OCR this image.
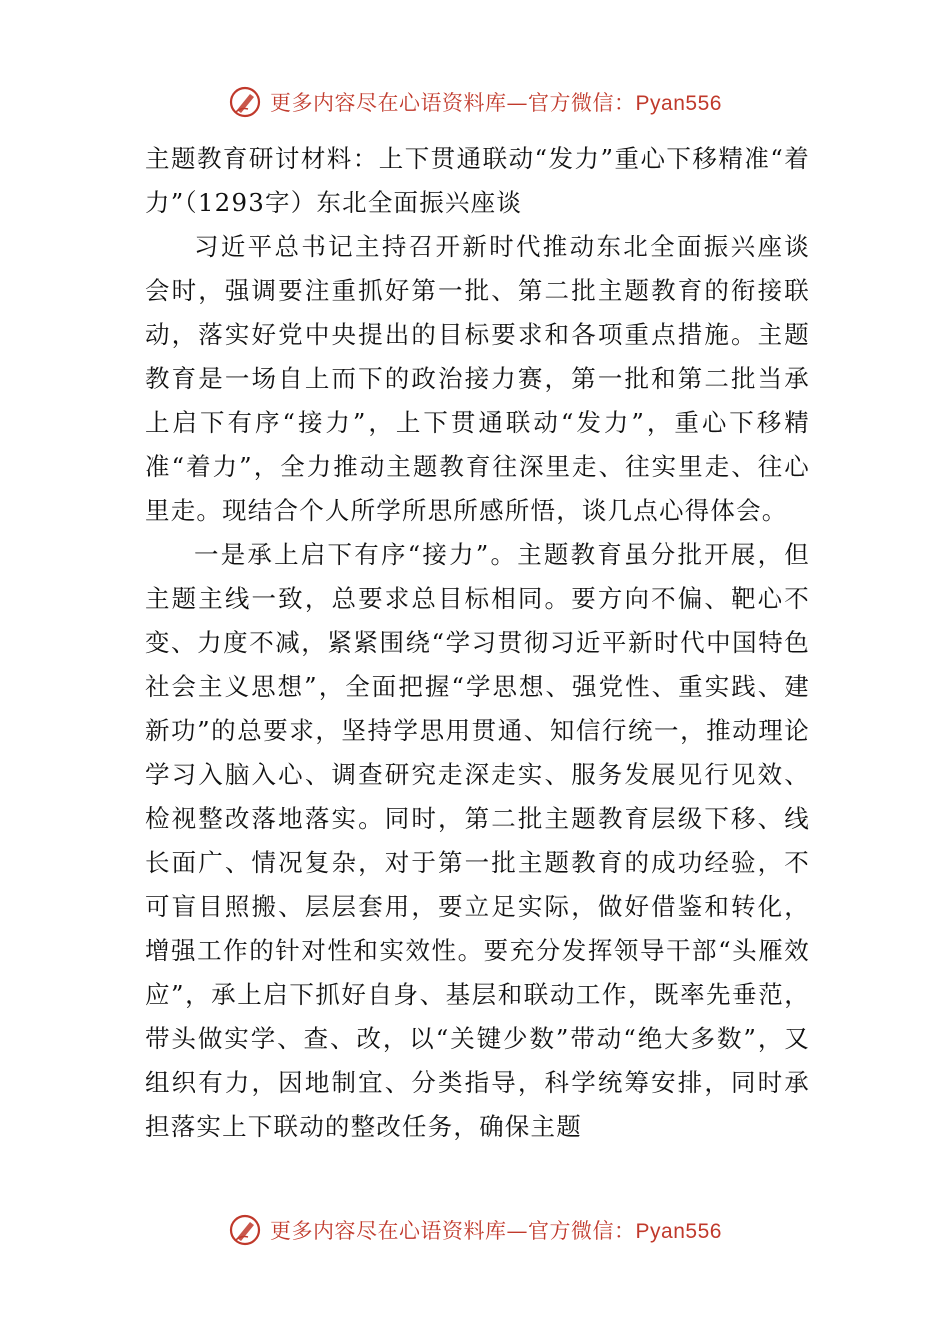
更多内容尽在心语资料库—官方微信：Pyan556

主题教育研讨材料：上下贯通联动“发力”重心下移精准“着力”（1293字）东北全面振兴座谈

习近平总书记主持召开新时代推动东北全面振兴座谈会时，强调要注重抓好第一批、第二批主题教育的衔接联动，落实好党中央提出的目标要求和各项重点措施。主题教育是一场自上而下的政治接力赛，第一批和第二批当承上启下有序“接力”，上下贯通联动“发力”，重心下移精准“着力”，全力推动主题教育往深里走、往实里走、往心里走。现结合个人所学所思所感所悟，谈几点心得体会。

一是承上启下有序“接力”。主题教育虽分批开展，但主题主线一致，总要求总目标相同。要方向不偏、靶心不变、力度不减，紧紧围绕“学习贯彻习近平新时代中国特色社会主义思想”，全面把握“学思想、强党性、重实践、建新功”的总要求，坚持学思用贯通、知信行统一，推动理论学习入脑入心、调查研究走深走实、服务发展见行见效、检视整改落地落实。同时，第二批主题教育层级下移、线长面广、情况复杂，对于第一批主题教育的成功经验，不可盲目照搬、层层套用，要立足实际，做好借鉴和转化，增强工作的针对性和实效性。要充分发挥领导干部“头雁效应”，承上启下抓好自身、基层和联动工作，既率先垂范，带头做实学、查、改，以“关键少数”带动“绝大多数”，又组织有力，因地制宜、分类指导，科学统筹安排，同时承担落实上下联动的整改任务，确保主题

更多内容尽在心语资料库—官方微信：Pyan556
